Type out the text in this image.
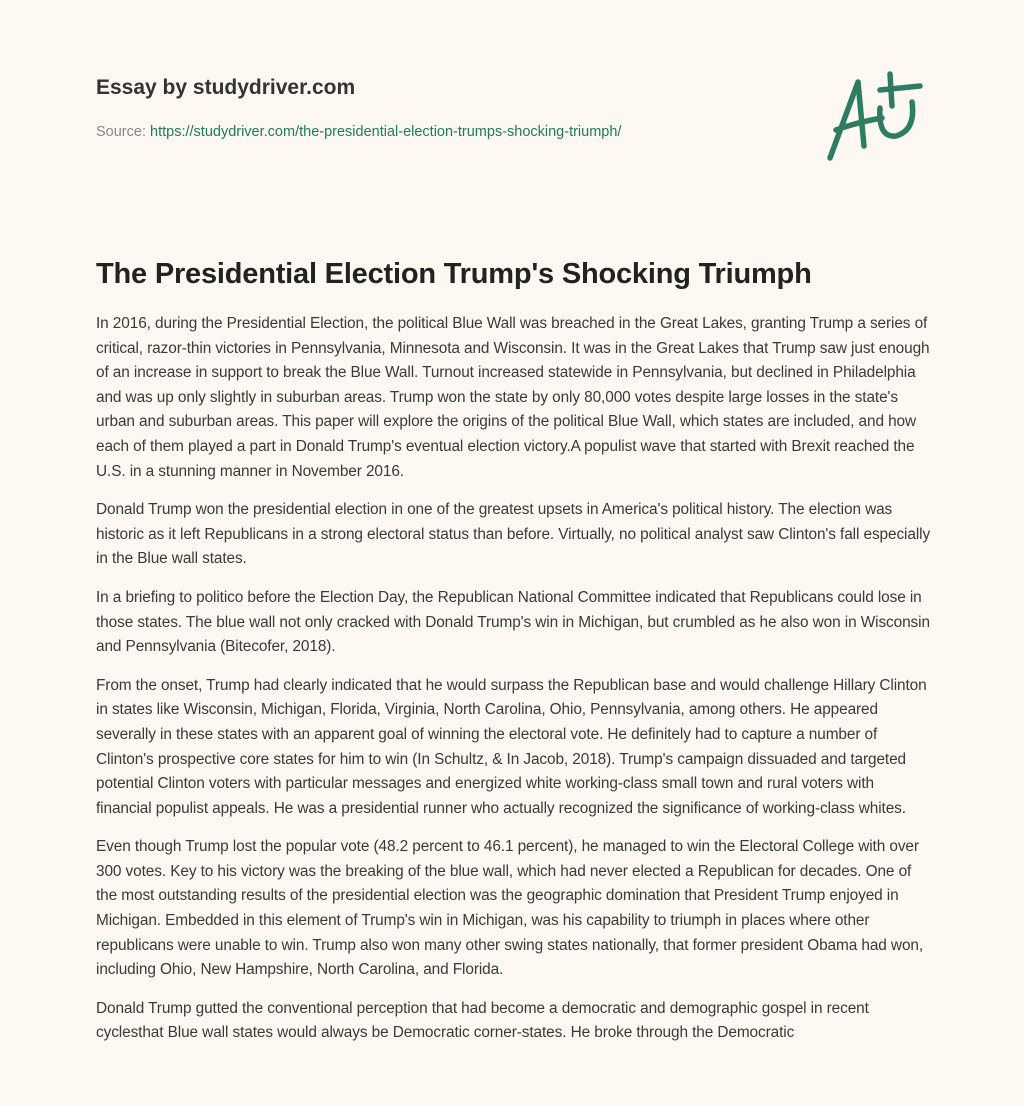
Essay by studydriver.com
Source: https://studydriver.com/the-presidential-election-trumps-shocking-triumph/
The Presidential Election Trump's Shocking Triumph

In 2016, during the Presidential Election, the political Blue Wall was breached in the Great Lakes, granting Trump a series of critical, razor-thin victories in Pennsylvania, Minnesota and Wisconsin. It was in the Great Lakes that Trump saw just enough of an increase in support to break the Blue Wall. Turnout increased statewide in Pennsylvania, but declined in Philadelphia and was up only slightly in suburban areas. Trump won the state by only 80,000 votes despite large losses in the state's urban and suburban areas. This paper will explore the origins of the political Blue Wall, which states are included, and how each of them played a part in Donald Trump's eventual election victory.A populist wave that started with Brexit reached the U.S. in a stunning manner in November 2016.

Donald Trump won the presidential election in one of the greatest upsets in America's political history. The election was historic as it left Republicans in a strong electoral status than before. Virtually, no political analyst saw Clinton's fall especially in the Blue wall states.

In a briefing to politico before the Election Day, the Republican National Committee indicated that Republicans could lose in those states. The blue wall not only cracked with Donald Trump's win in Michigan, but crumbled as he also won in Wisconsin and Pennsylvania (Bitecofer, 2018).

From the onset, Trump had clearly indicated that he would surpass the Republican base and would challenge Hillary Clinton in states like Wisconsin, Michigan, Florida, Virginia, North Carolina, Ohio, Pennsylvania, among others. He appeared severally in these states with an apparent goal of winning the electoral vote. He definitely had to capture a number of Clinton's prospective core states for him to win (In Schultz, & In Jacob, 2018). Trump's campaign dissuaded and targeted potential Clinton voters with particular messages and energized white working-class small town and rural voters with financial populist appeals. He was a presidential runner who actually recognized the significance of working-class whites.

Even though Trump lost the popular vote (48.2 percent to 46.1 percent), he managed to win the Electoral College with over 300 votes. Key to his victory was the breaking of the blue wall, which had never elected a Republican for decades. One of the most outstanding results of the presidential election was the geographic domination that President Trump enjoyed in Michigan. Embedded in this element of Trump's win in Michigan, was his capability to triumph in places where other republicans were unable to win. Trump also won many other swing states nationally, that former president Obama had won, including Ohio, New Hampshire, North Carolina, and Florida.

Donald Trump gutted the conventional perception that had become a democratic and demographic gospel in recent cyclesthat Blue wall states would always be Democratic corner-states. He broke through the Democratic
